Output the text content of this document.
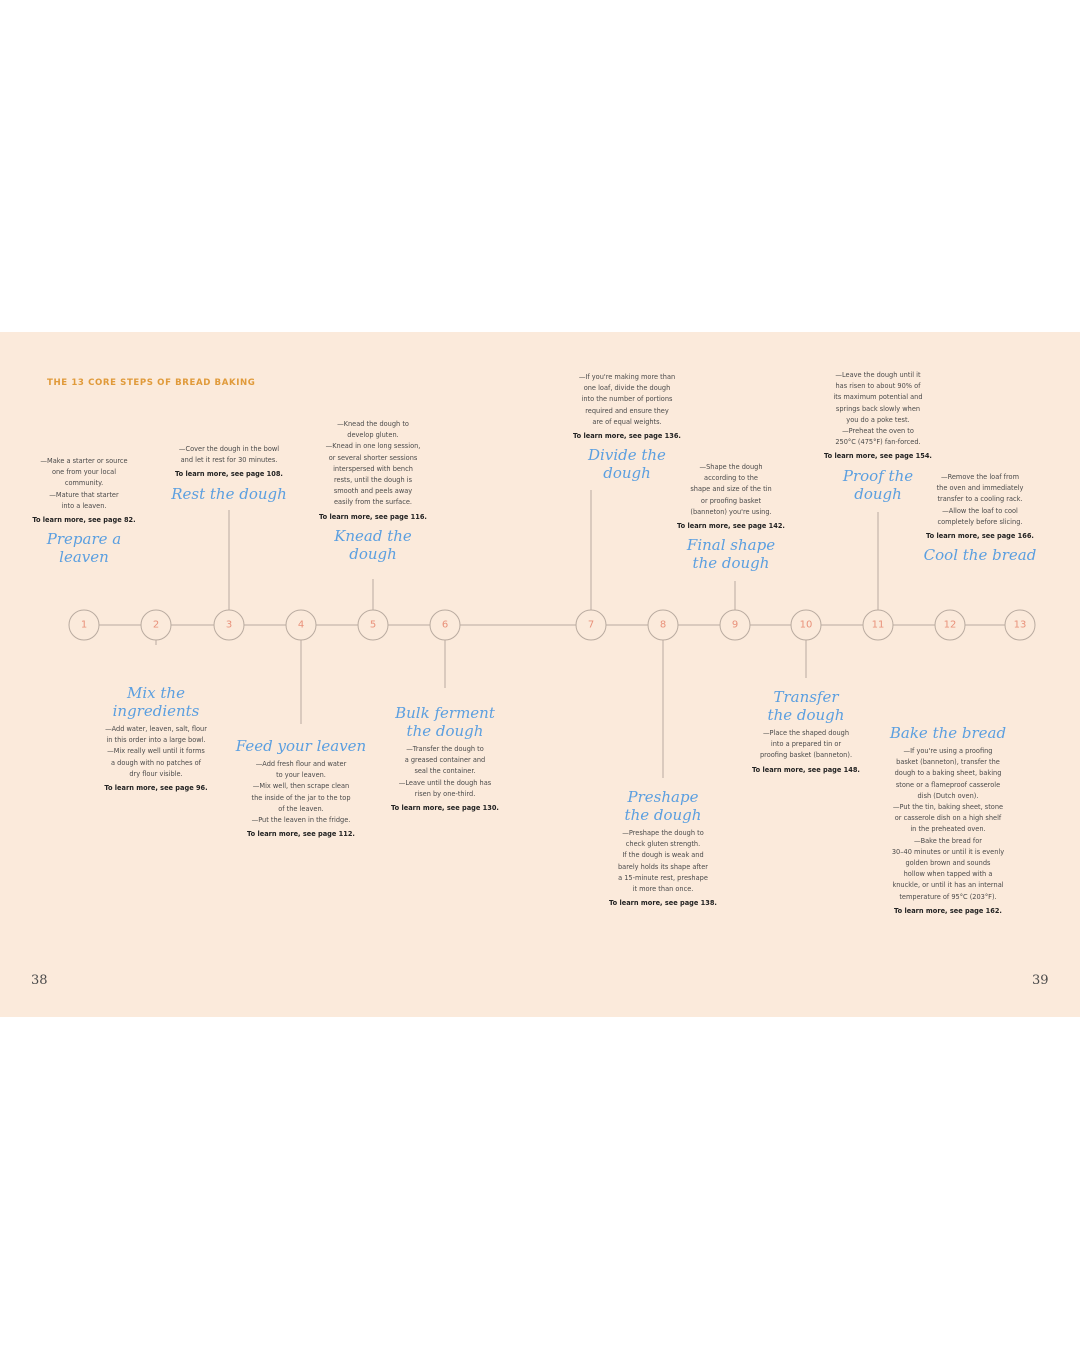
THE 13 CORE STEPS OF BREAD BAKING
1	2	3	4	5	6	7	8	9	10	11	12	13
—Make a starter or source
one from your local
community.
—Mature that starter
into a leaven.
To learn more, see page 82.
Prepare a
leaven
Mix the
ingredients
—Add water, leaven, salt, flour
in this order into a large bowl.
—Mix really well until it forms
a dough with no patches of
dry flour visible.
To learn more, see page 96.
—Cover the dough in the bowl
and let it rest for 30 minutes.
To learn more, see page 108.
Rest the dough
Feed your leaven
—Add fresh flour and water
to your leaven.
—Mix well, then scrape clean
the inside of the jar to the top
of the leaven.
—Put the leaven in the fridge.
To learn more, see page 112.
—Knead the dough to
develop gluten.
—Knead in one long session,
or several shorter sessions
interspersed with bench
rests, until the dough is
smooth and peels away
easily from the surface.
To learn more, see page 116.
Knead the
dough
Bulk ferment
the dough
—Transfer the dough to
a greased container and
seal the container.
—Leave until the dough has
risen by one-third.
To learn more, see page 130.
—If you're making more than
one loaf, divide the dough
into the number of portions
required and ensure they
are of equal weights.
To learn more, see page 136.
Divide the
dough
Preshape
the dough
—Preshape the dough to
check gluten strength.
If the dough is weak and
barely holds its shape after
a 15-minute rest, preshape
it more than once.
To learn more, see page 138.
—Shape the dough
according to the
shape and size of the tin
or proofing basket
(banneton) you're using.
To learn more, see page 142.
Final shape
the dough
Transfer
the dough
—Place the shaped dough
into a prepared tin or
proofing basket (banneton).
To learn more, see page 148.
—Leave the dough until it
has risen to about 90% of
its maximum potential and
springs back slowly when
you do a poke test.
—Preheat the oven to
250°C (475°F) fan-forced.
To learn more, see page 154.
Proof the
dough
Bake the bread
—If you're using a proofing
basket (banneton), transfer the
dough to a baking sheet, baking
stone or a flameproof casserole
dish (Dutch oven).
—Put the tin, baking sheet, stone
or casserole dish on a high shelf
in the preheated oven.
—Bake the bread for
30–40 minutes or until it is evenly
golden brown and sounds
hollow when tapped with a
knuckle, or until it has an internal
temperature of 95°C (203°F).
To learn more, see page 162.
—Remove the loaf from
the oven and immediately
transfer to a cooling rack.
—Allow the loaf to cool
completely before slicing.
To learn more, see page 166.
Cool the bread
38	39
